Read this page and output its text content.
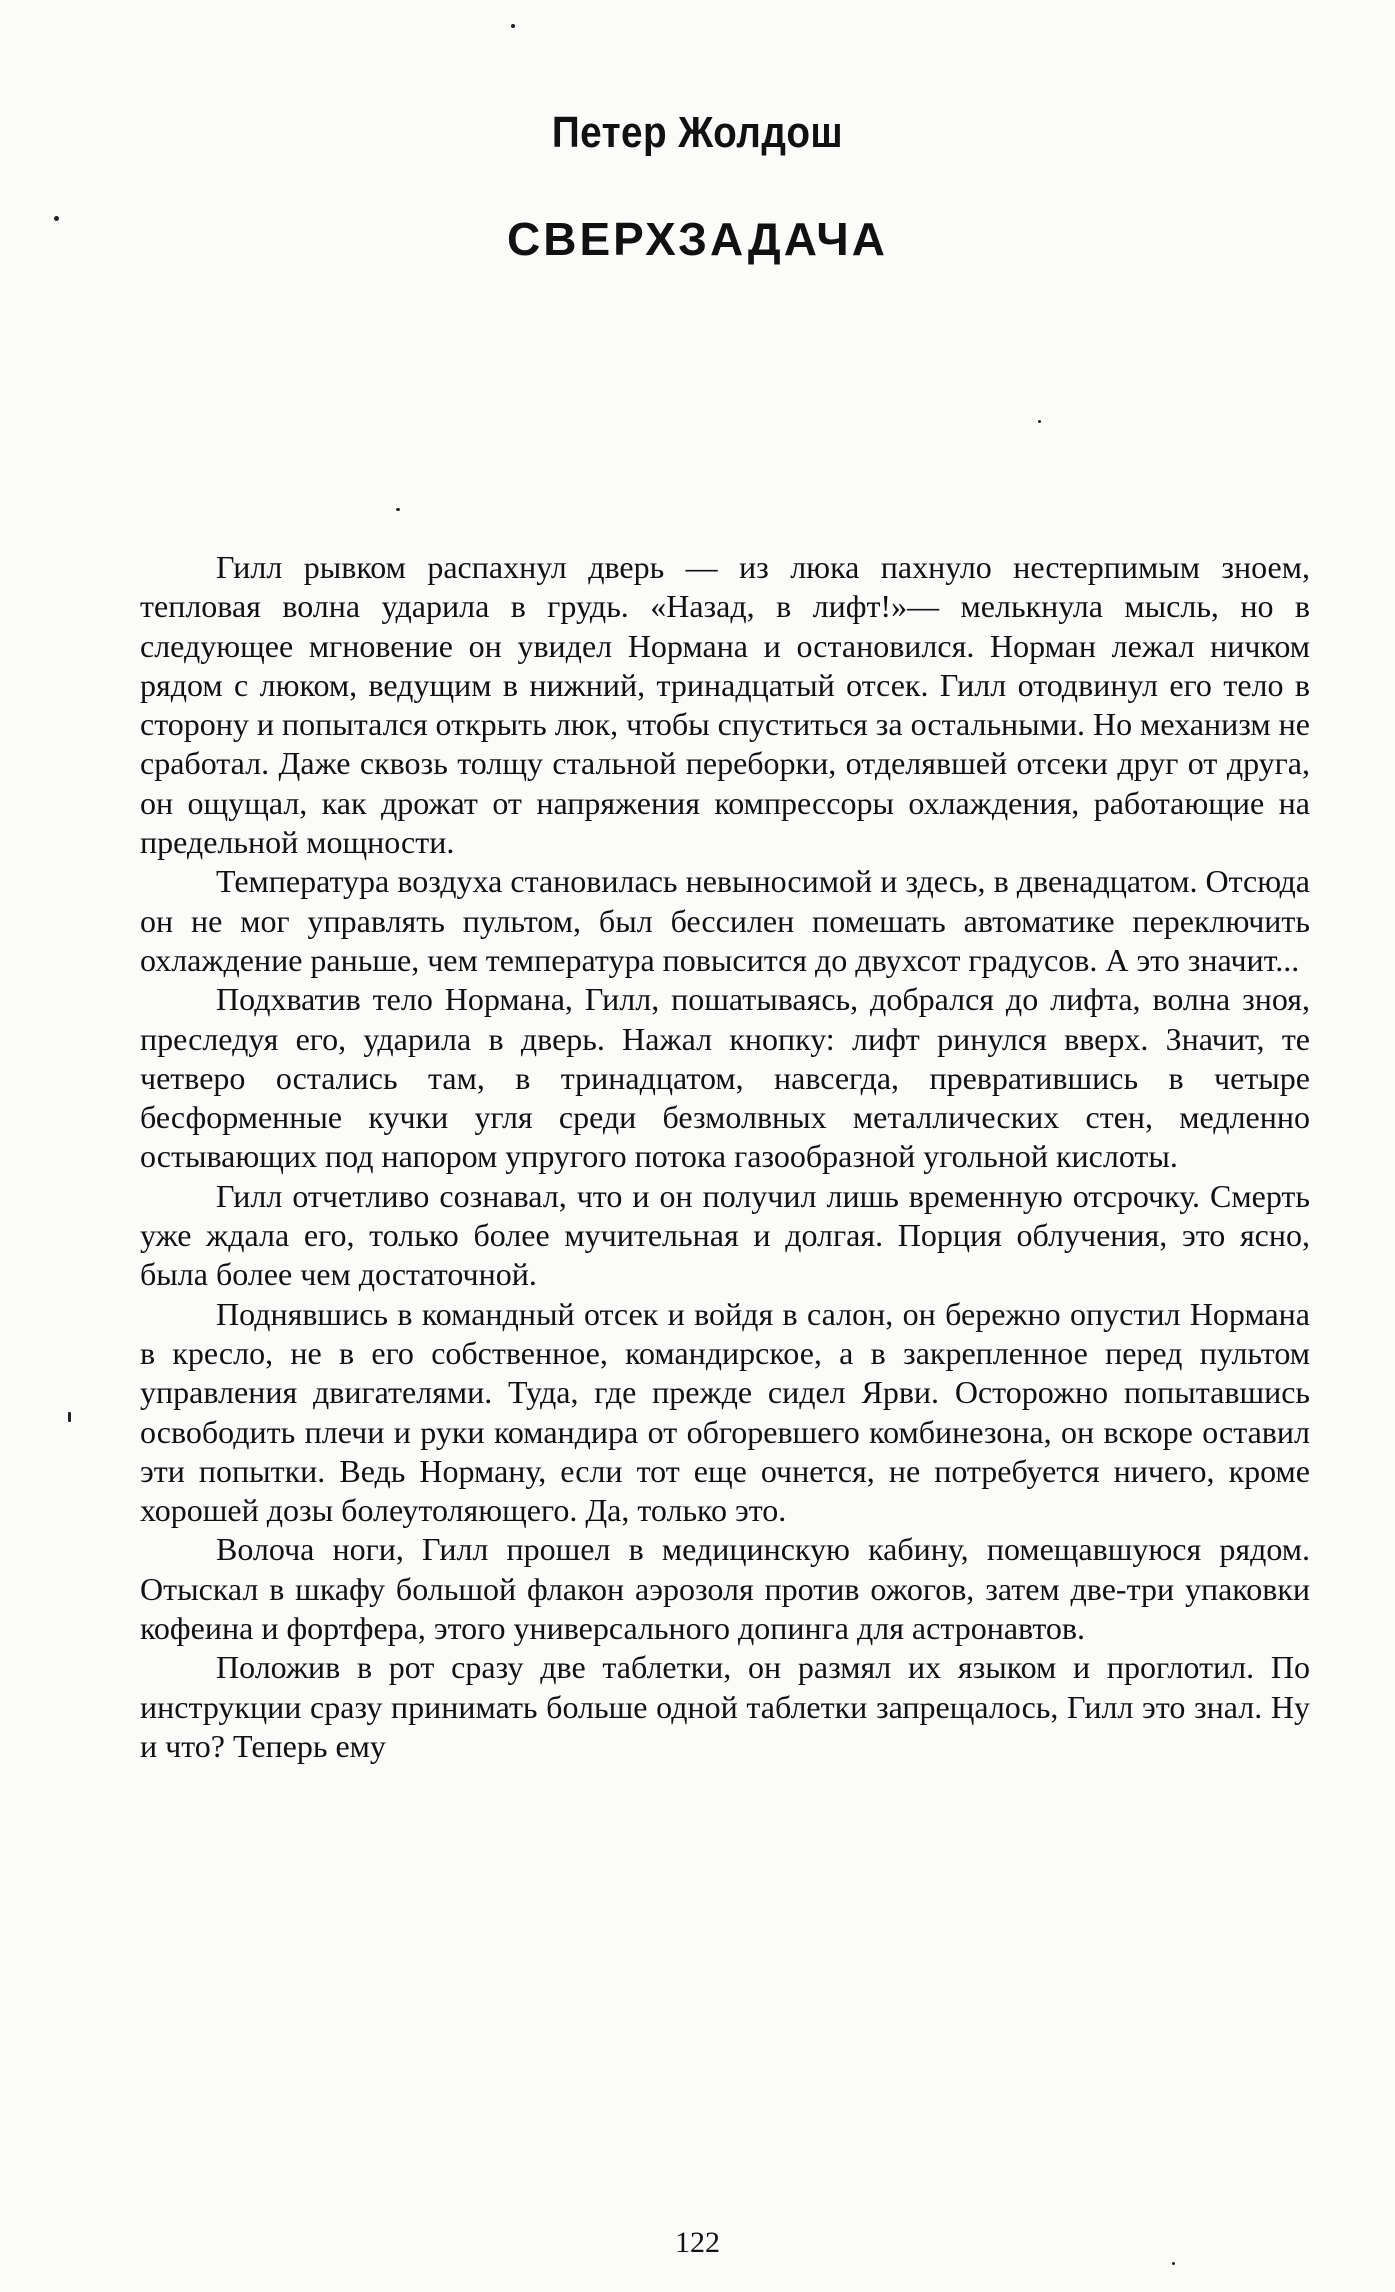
Петер Жолдош
СВЕРХЗАДАЧА

Гилл рывком распахнул дверь — из люка пахнуло нестерпимым зноем, тепловая волна ударила в грудь. «Назад, в лифт!»— мелькнула мысль, но в следующее мгновение он увидел Нормана и остановился. Норман лежал ничком рядом с люком, ведущим в нижний, тринадцатый отсек. Гилл отодвинул его тело в сторону и попытался открыть люк, чтобы спуститься за остальными. Но механизм не сработал. Даже сквозь толщу стальной переборки, отделявшей отсеки друг от друга, он ощущал, как дрожат от напряжения компрессоры охлаждения, работающие на предельной мощности.

Температура воздуха становилась невыносимой и здесь, в двенадцатом. Отсюда он не мог управлять пультом, был бессилен помешать автоматике переключить охлаждение раньше, чем температура повысится до двухсот градусов. А это значит...

Подхватив тело Нормана, Гилл, пошатываясь, добрался до лифта, волна зноя, преследуя его, ударила в дверь. Нажал кнопку: лифт ринулся вверх. Значит, те четверо остались там, в тринадцатом, навсегда, превратившись в четыре бесформенные кучки угля среди безмолвных металлических стен, медленно остывающих под напором упругого потока газообразной угольной кислоты.

Гилл отчетливо сознавал, что и он получил лишь временную отсрочку. Смерть уже ждала его, только более мучительная и долгая. Порция облучения, это ясно, была более чем достаточной.

Поднявшись в командный отсек и войдя в салон, он бережно опустил Нормана в кресло, не в его собственное, командирское, а в закрепленное перед пультом управления двигателями. Туда, где прежде сидел Ярви. Осторожно попытавшись освободить плечи и руки командира от обгоревшего комбинезона, он вскоре оставил эти попытки. Ведь Норману, если тот еще очнется, не потребуется ничего, кроме хорошей дозы болеутоляющего. Да, только это.

Волоча ноги, Гилл прошел в медицинскую кабину, помещавшуюся рядом. Отыскал в шкафу большой флакон аэрозоля против ожогов, затем две-три упаковки кофеина и фортфера, этого универсального допинга для астронавтов.

Положив в рот сразу две таблетки, он размял их языком и проглотил. По инструкции сразу принимать больше одной таблетки запрещалось, Гилл это знал. Ну и что? Теперь ему

122
